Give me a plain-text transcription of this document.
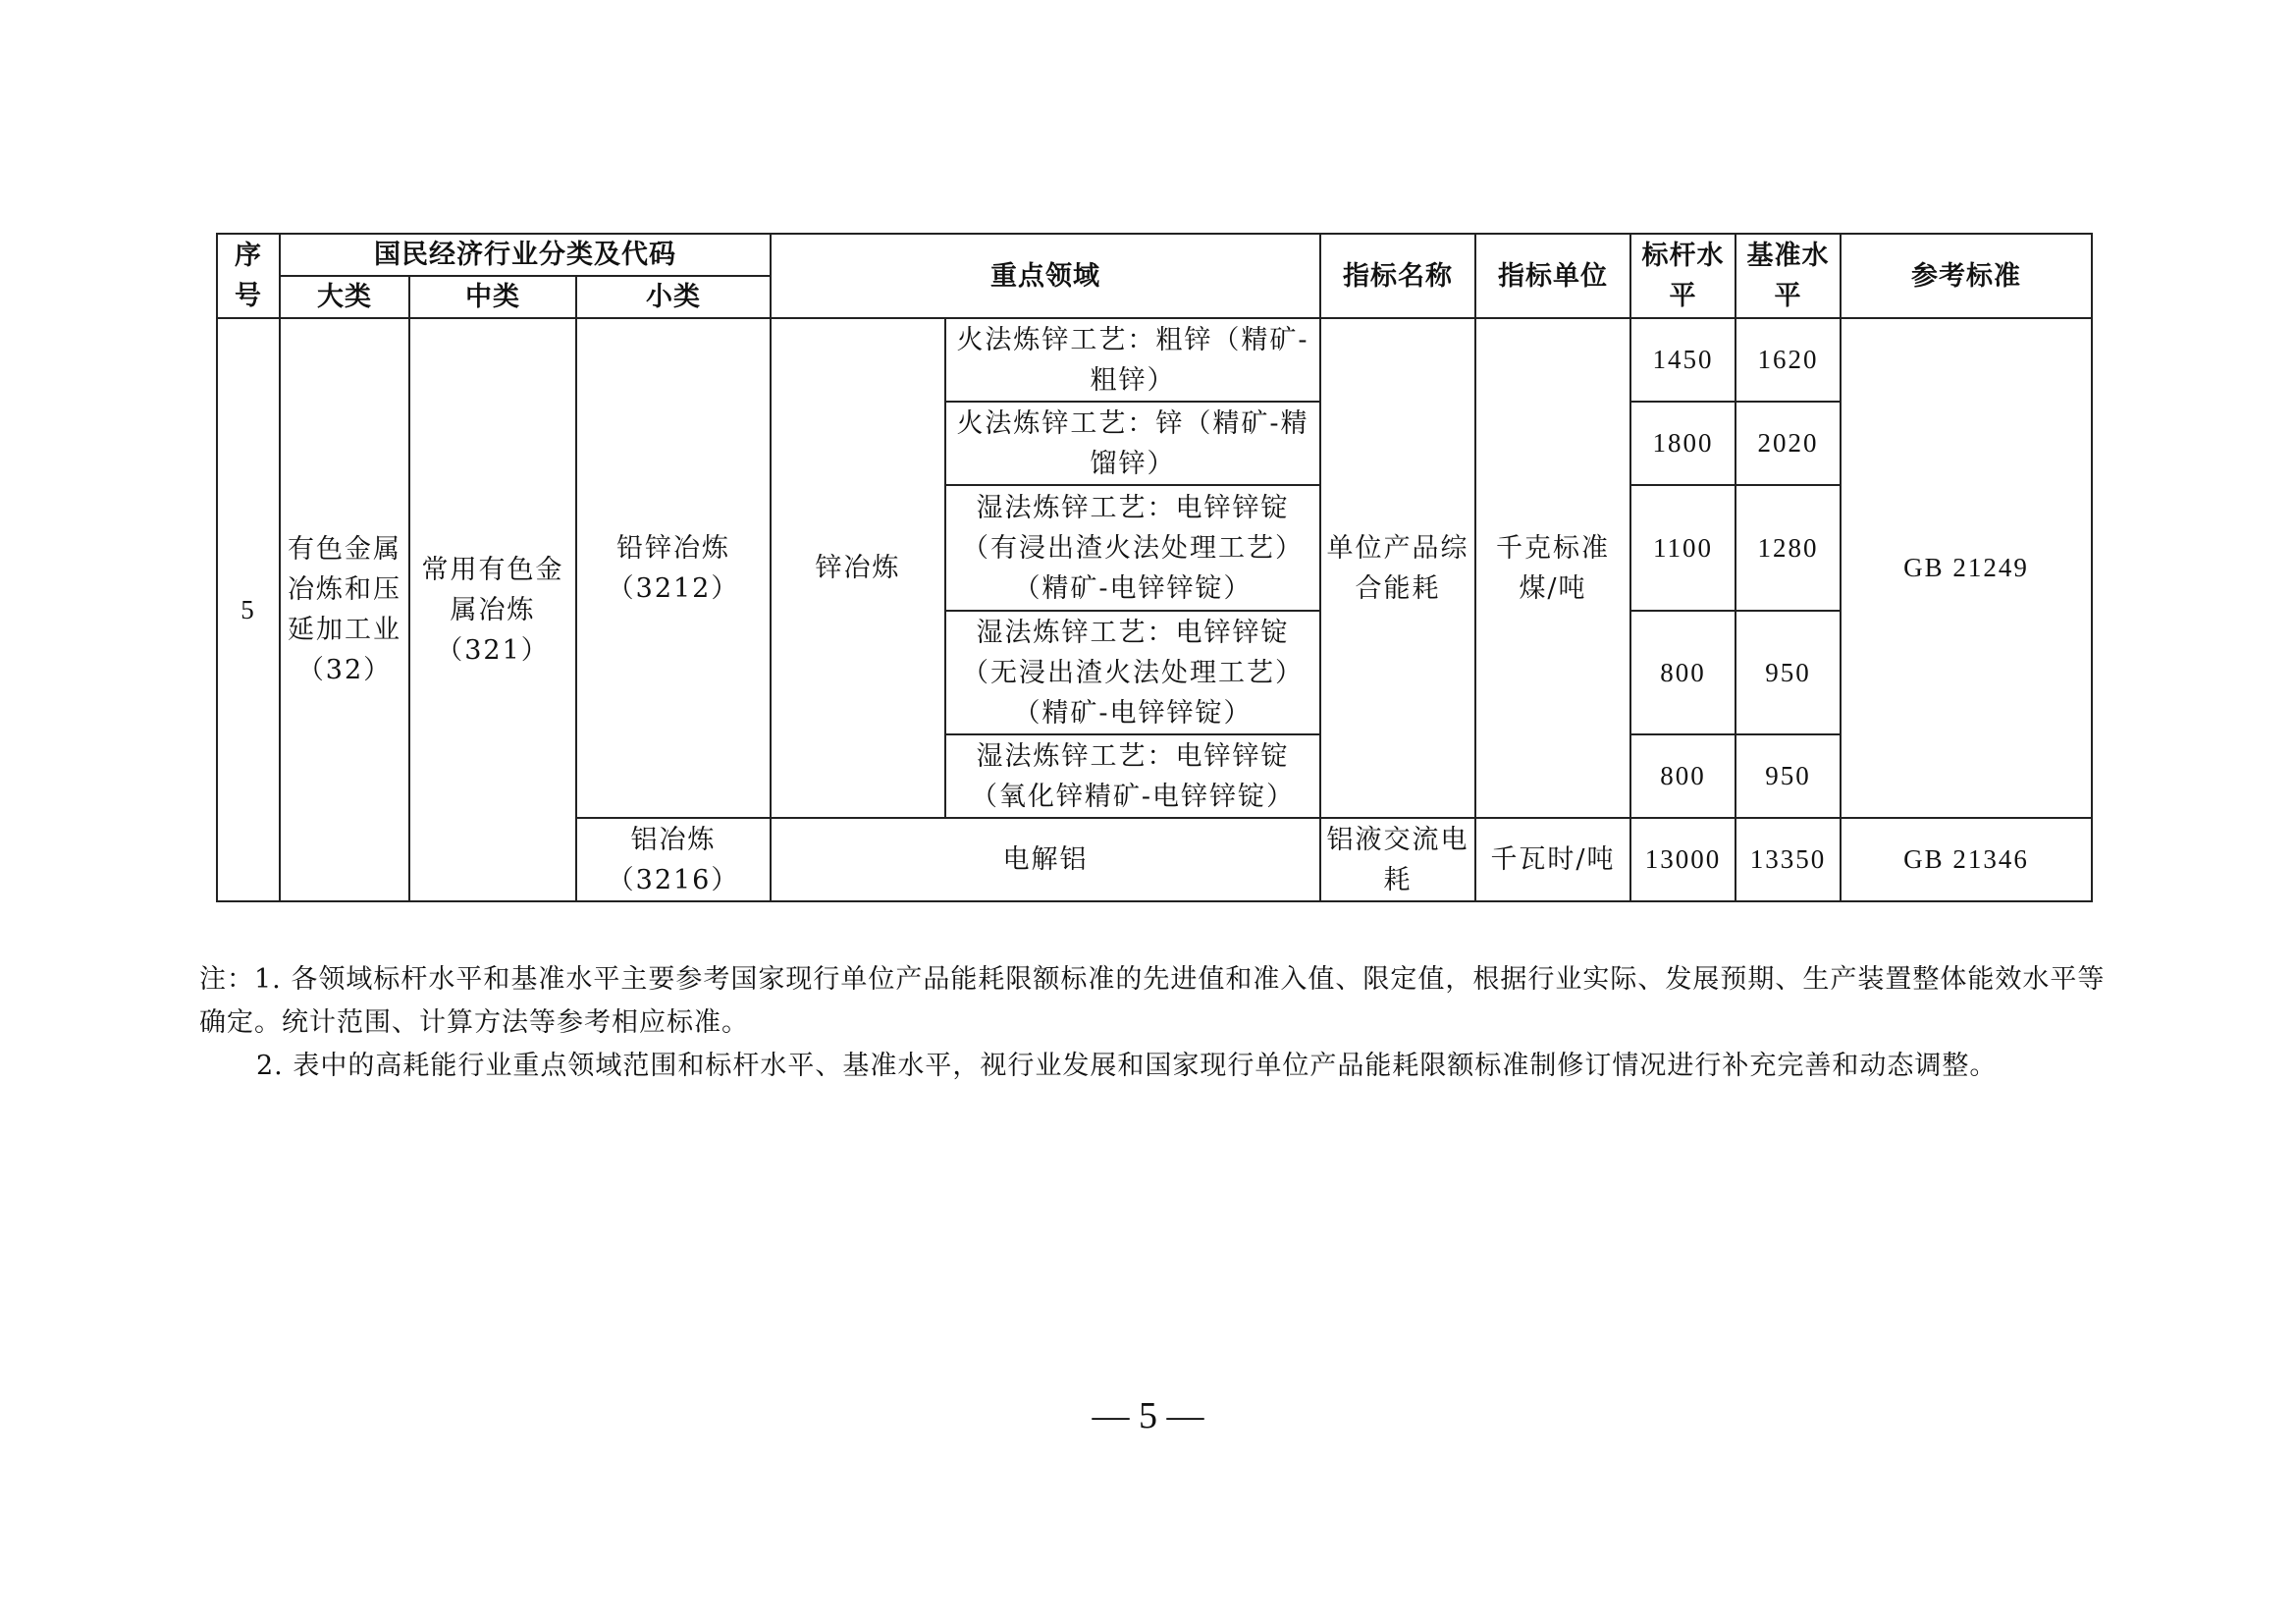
序号	国民经济行业分类及代码			重点领域		指标名称	指标单位	标杆水平	基准水平	参考标准
	大类	中类	小类							
5	有色金属冶炼和压延加工业（32）	常用有色金属冶炼（321）	铅锌冶炼（3212）	锌冶炼	火法炼锌工艺：粗锌（精矿-粗锌）	单位产品综合能耗	千克标准煤/吨	1450	1620	GB 21249
					火法炼锌工艺：锌（精矿-精馏锌）			1800	2020	
					湿法炼锌工艺：电锌锌锭（有浸出渣火法处理工艺）（精矿-电锌锌锭）			1100	1280	
					湿法炼锌工艺：电锌锌锭（无浸出渣火法处理工艺）（精矿-电锌锌锭）			800	950	
					湿法炼锌工艺：电锌锌锭（氧化锌精矿-电锌锌锭）			800	950	
			铝冶炼（3216）	电解铝		铝液交流电耗	千瓦时/吨	13000	13350	GB 21346

注：1. 各领域标杆水平和基准水平主要参考国家现行单位产品能耗限额标准的先进值和准入值、限定值，根据行业实际、发展预期、生产装置整体能效水平等确定。统计范围、计算方法等参考相应标准。

2. 表中的高耗能行业重点领域范围和标杆水平、基准水平，视行业发展和国家现行单位产品能耗限额标准制修订情况进行补充完善和动态调整。

— 5 —
